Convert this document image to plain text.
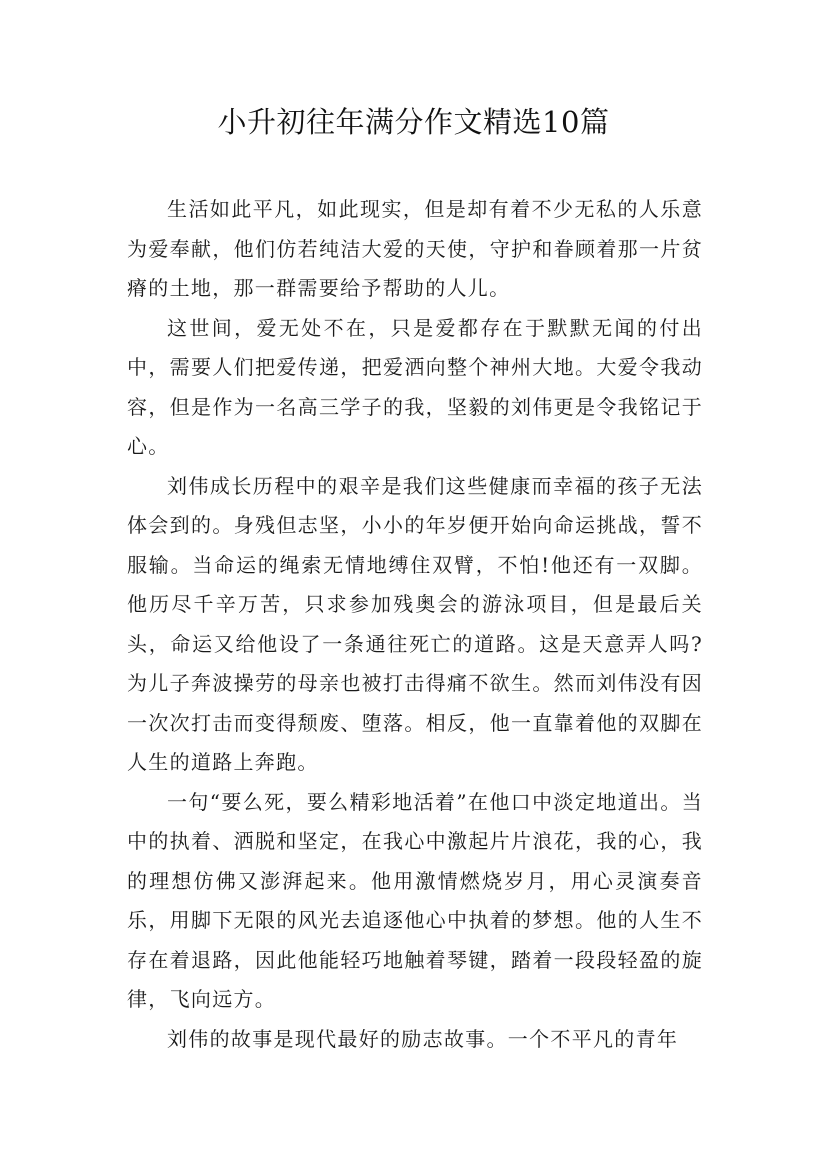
小升初往年满分作文精选10篇

生活如此平凡，如此现实，但是却有着不少无私的人乐意为爱奉献，他们仿若纯洁大爱的天使，守护和眷顾着那一片贫瘠的土地，那一群需要给予帮助的人儿。

这世间，爱无处不在，只是爱都存在于默默无闻的付出中，需要人们把爱传递，把爱洒向整个神州大地。大爱令我动容，但是作为一名高三学子的我，坚毅的刘伟更是令我铭记于心。

刘伟成长历程中的艰辛是我们这些健康而幸福的孩子无法体会到的。身残但志坚，小小的年岁便开始向命运挑战，誓不服输。当命运的绳索无情地缚住双臂，不怕!他还有一双脚。他历尽千辛万苦，只求参加残奥会的游泳项目，但是最后关头，命运又给他设了一条通往死亡的道路。这是天意弄人吗?为儿子奔波操劳的母亲也被打击得痛不欲生。然而刘伟没有因一次次打击而变得颓废、堕落。相反，他一直靠着他的双脚在人生的道路上奔跑。

一句“要么死，要么精彩地活着”在他口中淡定地道出。当中的执着、洒脱和坚定，在我心中激起片片浪花，我的心，我的理想仿佛又澎湃起来。他用激情燃烧岁月，用心灵演奏音乐，用脚下无限的风光去追逐他心中执着的梦想。他的人生不存在着退路，因此他能轻巧地触着琴键，踏着一段段轻盈的旋律，飞向远方。

刘伟的故事是现代最好的励志故事。一个不平凡的青年
